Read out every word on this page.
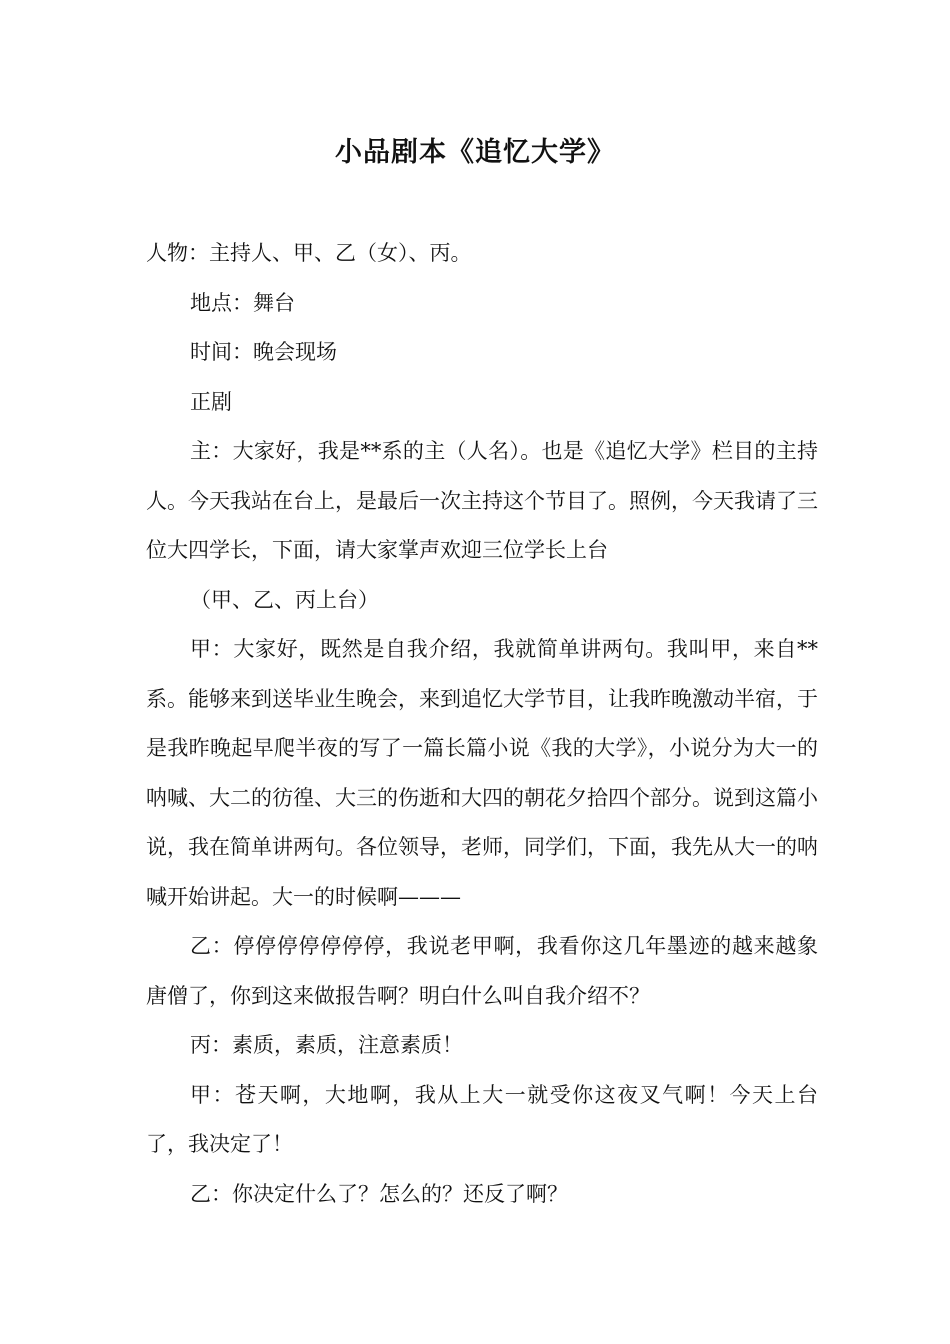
小品剧本《追忆大学》

人物：主持人、甲、乙（女）、丙。

地点：舞台

时间：晚会现场

正剧

主：大家好，我是**系的主（人名）。也是《追忆大学》栏目的主持人。今天我站在台上，是最后一次主持这个节目了。照例，今天我请了三位大四学长，下面，请大家掌声欢迎三位学长上台

（甲、乙、丙上台）

甲：大家好，既然是自我介绍，我就简单讲两句。我叫甲，来自**系。能够来到送毕业生晚会，来到追忆大学节目，让我昨晚激动半宿，于是我昨晚起早爬半夜的写了一篇长篇小说《我的大学》，小说分为大一的呐喊、大二的彷徨、大三的伤逝和大四的朝花夕拾四个部分。说到这篇小说，我在简单讲两句。各位领导，老师，同学们，下面，我先从大一的呐喊开始讲起。大一的时候啊———

乙：停停停停停停停，我说老甲啊，我看你这几年墨迹的越来越象唐僧了，你到这来做报告啊？明白什么叫自我介绍不？

丙：素质，素质，注意素质！

甲：苍天啊，大地啊，我从上大一就受你这夜叉气啊！今天上台了，我决定了！

乙：你决定什么了？怎么的？还反了啊？
